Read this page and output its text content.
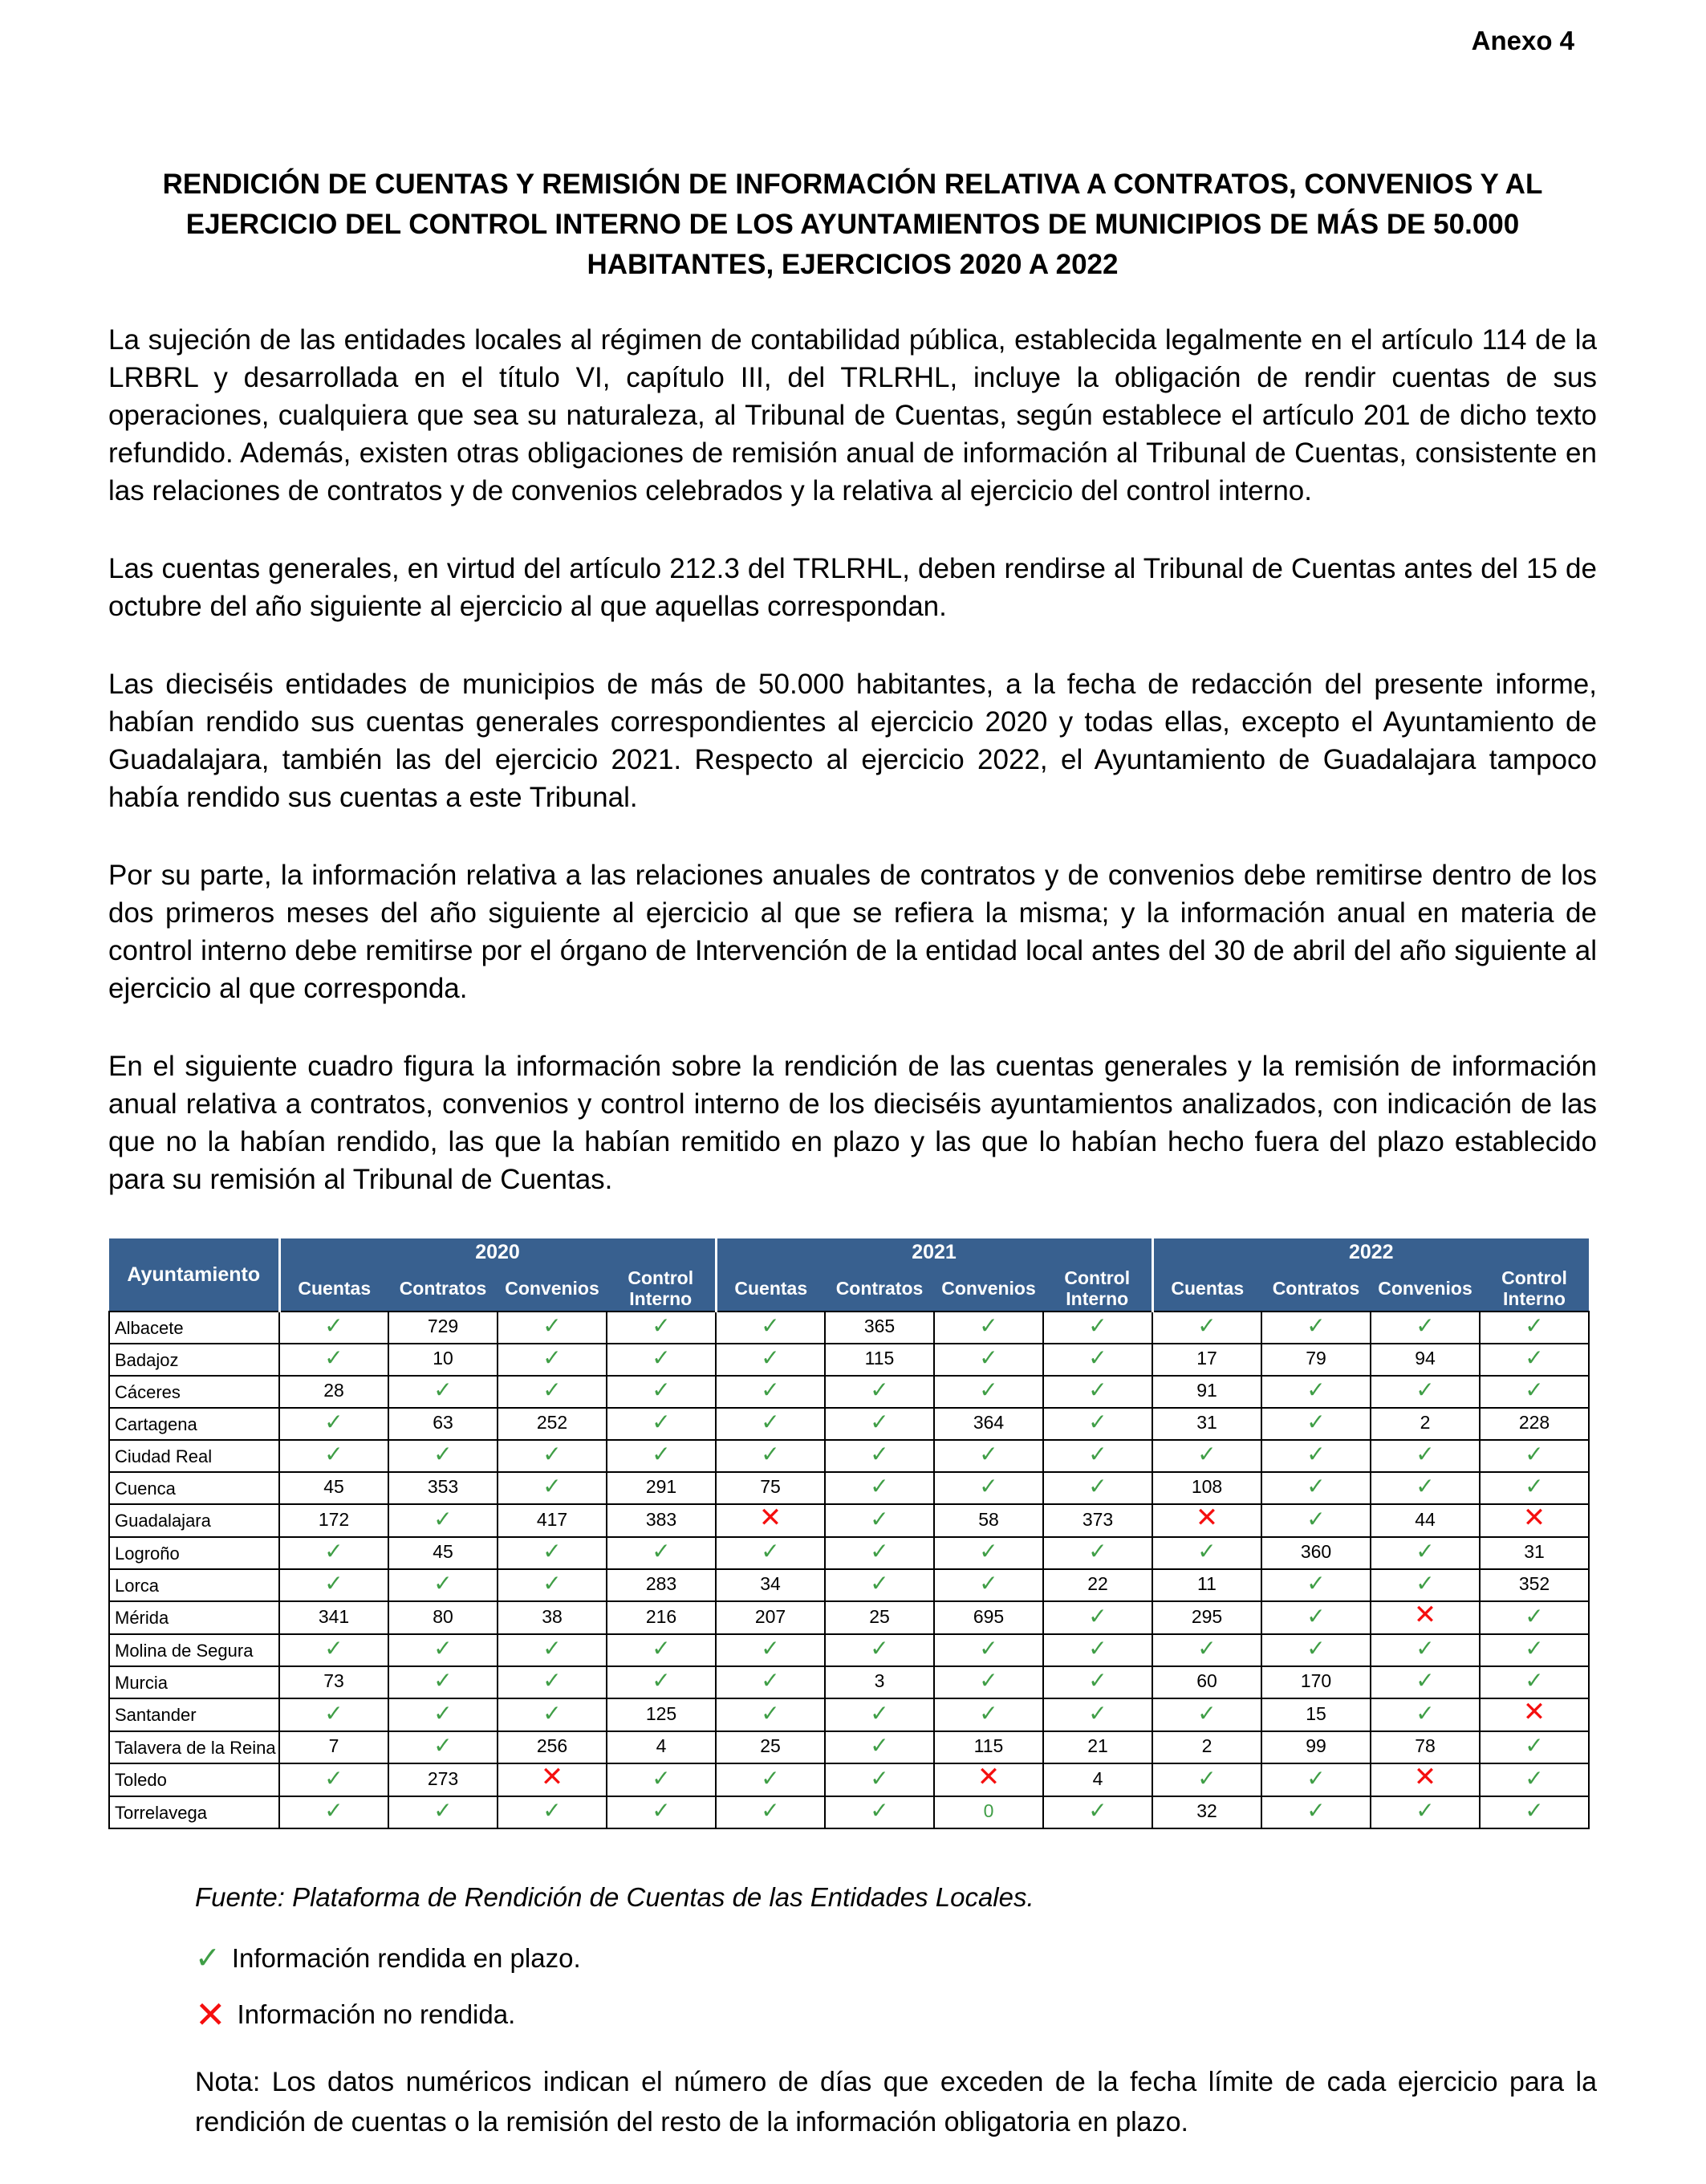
Anexo 4
RENDICIÓN DE CUENTAS Y REMISIÓN DE INFORMACIÓN RELATIVA A CONTRATOS, CONVENIOS Y AL EJERCICIO DEL CONTROL INTERNO DE LOS AYUNTAMIENTOS DE MUNICIPIOS DE MÁS DE 50.000 HABITANTES, EJERCICIOS 2020 A 2022

La sujeción de las entidades locales al régimen de contabilidad pública, establecida legalmente en el artículo 114 de la LRBRL y desarrollada en el título VI, capítulo III, del TRLRHL, incluye la obligación de rendir cuentas de sus operaciones, cualquiera que sea su naturaleza, al Tribunal de Cuentas, según establece el artículo 201 de dicho texto refundido. Además, existen otras obligaciones de remisión anual de información al Tribunal de Cuentas, consistente en las relaciones de contratos y de convenios celebrados y la relativa al ejercicio del control interno.

Las cuentas generales, en virtud del artículo 212.3 del TRLRHL, deben rendirse al Tribunal de Cuentas antes del 15 de octubre del año siguiente al ejercicio al que aquellas correspondan.

Las dieciséis entidades de municipios de más de 50.000 habitantes, a la fecha de redacción del presente informe, habían rendido sus cuentas generales correspondientes al ejercicio 2020 y todas ellas, excepto el Ayuntamiento de Guadalajara, también las del ejercicio 2021. Respecto al ejercicio 2022, el Ayuntamiento de Guadalajara tampoco había rendido sus cuentas a este Tribunal.

Por su parte, la información relativa a las relaciones anuales de contratos y de convenios debe remitirse dentro de los dos primeros meses del año siguiente al ejercicio al que se refiera la misma; y la información anual en materia de control interno debe remitirse por el órgano de Intervención de la entidad local antes del 30 de abril del año siguiente al ejercicio al que corresponda.

En el siguiente cuadro figura la información sobre la rendición de las cuentas generales y la remisión de información anual relativa a contratos, convenios y control interno de los dieciséis ayuntamientos analizados, con indicación de las que no la habían rendido, las que la habían remitido en plazo y las que lo habían hecho fuera del plazo establecido para su remisión al Tribunal de Cuentas.

Ayuntamiento	2020				2021				2022			
	Cuentas	Contratos	Convenios	Control Interno	Cuentas	Contratos	Convenios	Control Interno	Cuentas	Contratos	Convenios	Control Interno
Albacete	✓	729	✓	✓	✓	365	✓	✓	✓	✓	✓	✓
Badajoz	✓	10	✓	✓	✓	115	✓	✓	17	79	94	✓
Cáceres	28	✓	✓	✓	✓	✓	✓	✓	91	✓	✓	✓
Cartagena	✓	63	252	✓	✓	✓	364	✓	31	✓	2	228
Ciudad Real	✓	✓	✓	✓	✓	✓	✓	✓	✓	✓	✓	✓
Cuenca	45	353	✓	291	75	✓	✓	✓	108	✓	✓	✓
Guadalajara	172	✓	417	383	✕	✓	58	373	✕	✓	44	✕
Logroño	✓	45	✓	✓	✓	✓	✓	✓	✓	360	✓	31
Lorca	✓	✓	✓	283	34	✓	✓	22	11	✓	✓	352
Mérida	341	80	38	216	207	25	695	✓	295	✓	✕	✓
Molina de Segura	✓	✓	✓	✓	✓	✓	✓	✓	✓	✓	✓	✓
Murcia	73	✓	✓	✓	✓	3	✓	✓	60	170	✓	✓
Santander	✓	✓	✓	125	✓	✓	✓	✓	✓	15	✓	✕
Talavera de la Reina	7	✓	256	4	25	✓	115	21	2	99	78	✓
Toledo	✓	273	✕	✓	✓	✓	✕	4	✓	✓	✕	✓
Torrelavega	✓	✓	✓	✓	✓	✓	0	✓	32	✓	✓	✓
Fuente: Plataforma de Rendición de Cuentas de las Entidades Locales.
✓ Información rendida en plazo.
✕ Información no rendida.
Nota: Los datos numéricos indican el número de días que exceden de la fecha límite de cada ejercicio para la rendición de cuentas o la remisión del resto de la información obligatoria en plazo.
